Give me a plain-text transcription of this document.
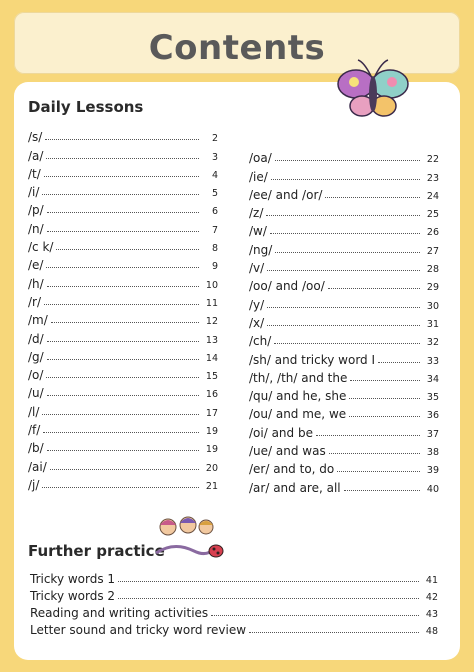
Contents
Daily Lessons
/s/	2
/a/	3
/t/	4
/i/	5
/p/	6
/n/	7
/c k/	8
/e/	9
/h/	10
/r/	11
/m/	12
/d/	13
/g/	14
/o/	15
/u/	16
/l/	17
/f/	19
/b/	19
/ai/	20
/j/	21
/oa/	22
/ie/	23
/ee/ and /or/	24
/z/	25
/w/	26
/ng/	27
/v/	28
/oo/ and /oo/	29
/y/	30
/x/	31
/ch/	32
/sh/ and tricky word I	33
/th/, /th/ and the	34
/qu/ and he, she	35
/ou/ and me, we	36
/oi/ and be	37
/ue/ and was	38
/er/ and to, do	39
/ar/ and are, all	40
Further practice
Tricky words 1	41
Tricky words 2	42
Reading and writing activities	43
Letter sound and tricky word review	48
